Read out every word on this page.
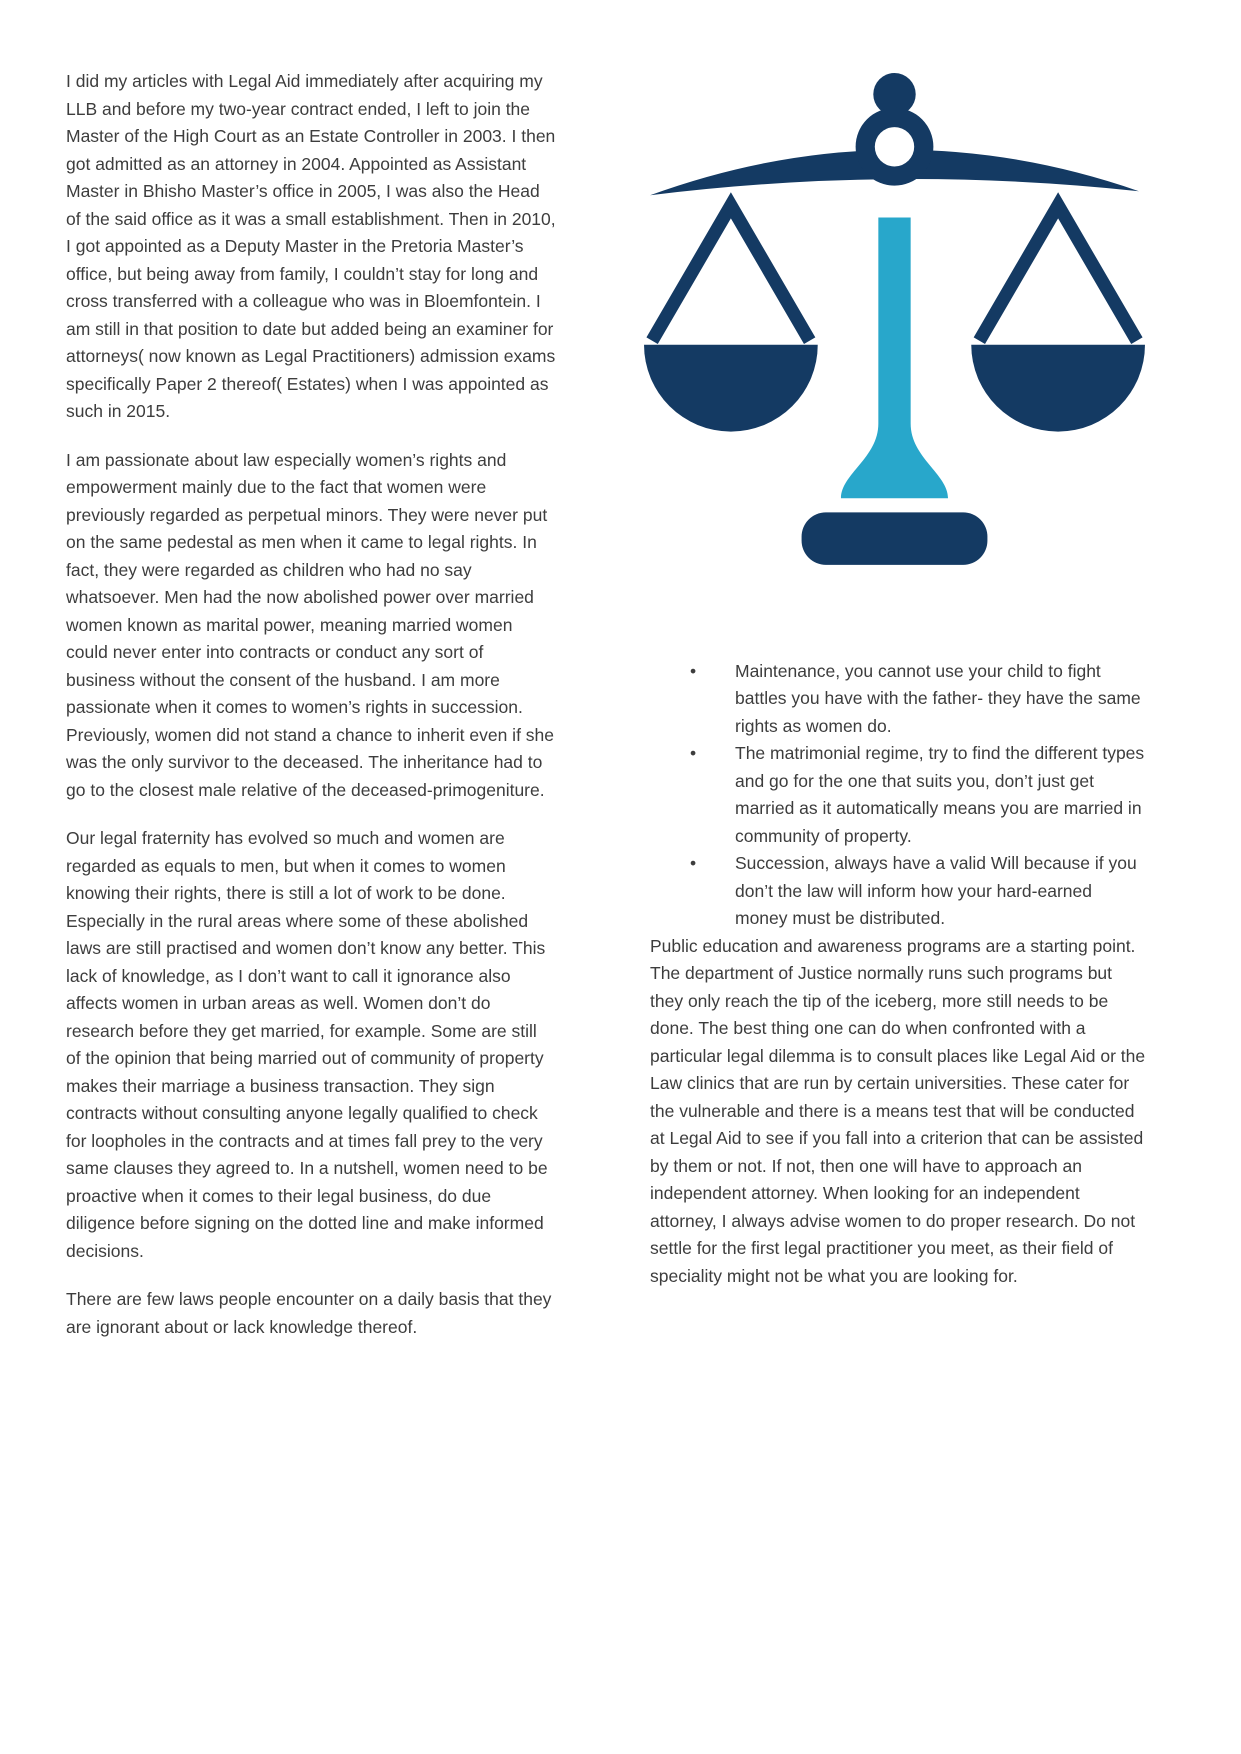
I did my articles with Legal Aid immediately after acquiring my LLB and before my two-year contract ended, I left to join the Master of the High Court as an Estate Controller in 2003. I then got admitted as an attorney in 2004. Appointed as Assistant Master in Bhisho Master’s office in 2005, I was also the Head of the said office as it was a small establishment. Then in 2010, I got appointed as a Deputy Master in the Pretoria Master’s office, but being away from family, I couldn’t stay for long and cross transferred with a colleague who was in Bloemfontein. I am still in that position to date but added being an examiner for attorneys( now known as Legal Practitioners) admission exams specifically Paper 2 thereof( Estates) when I was appointed as such in 2015.

I am passionate about law especially women’s rights and empowerment mainly due to the fact that women were previously regarded as perpetual minors. They were never put on the same pedestal as men when it came to legal rights. In fact, they were regarded as children who had no say whatsoever. Men had the now abolished power over married women known as marital power, meaning married women could never enter into contracts or conduct any sort of business without the consent of the husband. I am more passionate when it comes to women’s rights in succession. Previously, women did not stand a chance to inherit even if she was the only survivor to the deceased. The inheritance had to go to the closest male relative of the deceased-primogeniture.

Our legal fraternity has evolved so much and women are regarded as equals to men, but when it comes to women knowing their rights, there is still a lot of work to be done. Especially in the rural areas where some of these abolished laws are still practised and women don’t know any better. This lack of knowledge, as I don’t want to call it ignorance also affects women in urban areas as well. Women don’t do research before they get married, for example. Some are still of the opinion that being married out of community of property makes their marriage a business transaction. They sign contracts without consulting anyone legally qualified to check for loopholes in the contracts and at times fall prey to the very same clauses they agreed to. In a nutshell, women need to be proactive when it comes to their legal business, do due diligence before signing on the dotted line and make informed decisions.

There are few laws people encounter on a daily basis that they are ignorant about or lack knowledge thereof.

• Maintenance, you cannot use your child to fight battles you have with the father- they have the same rights as women do.
• The matrimonial regime, try to find the different types and go for the one that suits you, don’t just get married as it automatically means you are married in community of property.
• Succession, always have a valid Will because if you don’t the law will inform how your hard-earned money must be distributed.

Public education and awareness programs are a starting point. The department of Justice normally runs such programs but they only reach the tip of the iceberg, more still needs to be done. The best thing one can do when confronted with a particular legal dilemma is to consult places like Legal Aid or the Law clinics that are run by certain universities. These cater for the vulnerable and there is a means test that will be conducted at Legal Aid to see if you fall into a criterion that can be assisted by them or not. If not, then one will have to approach an independent attorney. When looking for an independent attorney, I always advise women to do proper research. Do not settle for the first legal practitioner you meet, as their field of speciality might not be what you are looking for.
